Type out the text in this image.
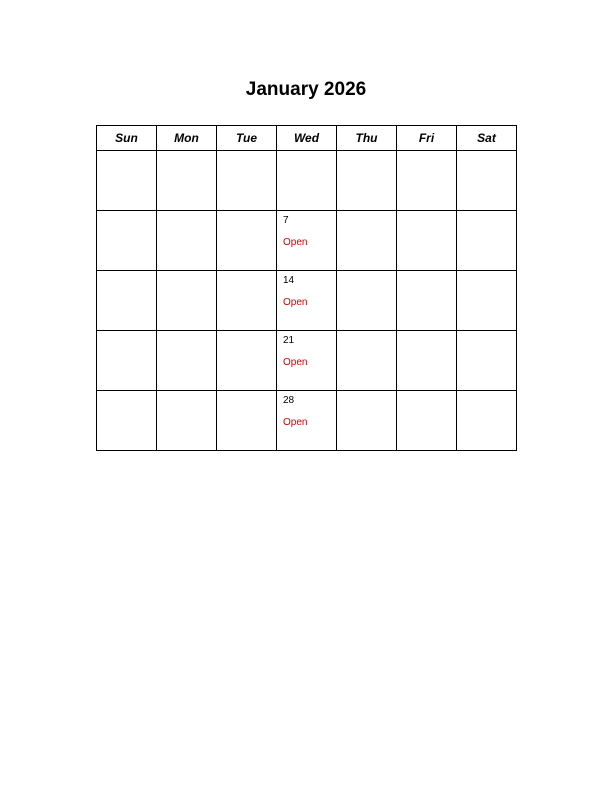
January 2026
Sun	Mon	Tue	Wed	Thu	Fri	Sat

			7
Open			

			14
Open			

			21
Open			

			28
Open			
